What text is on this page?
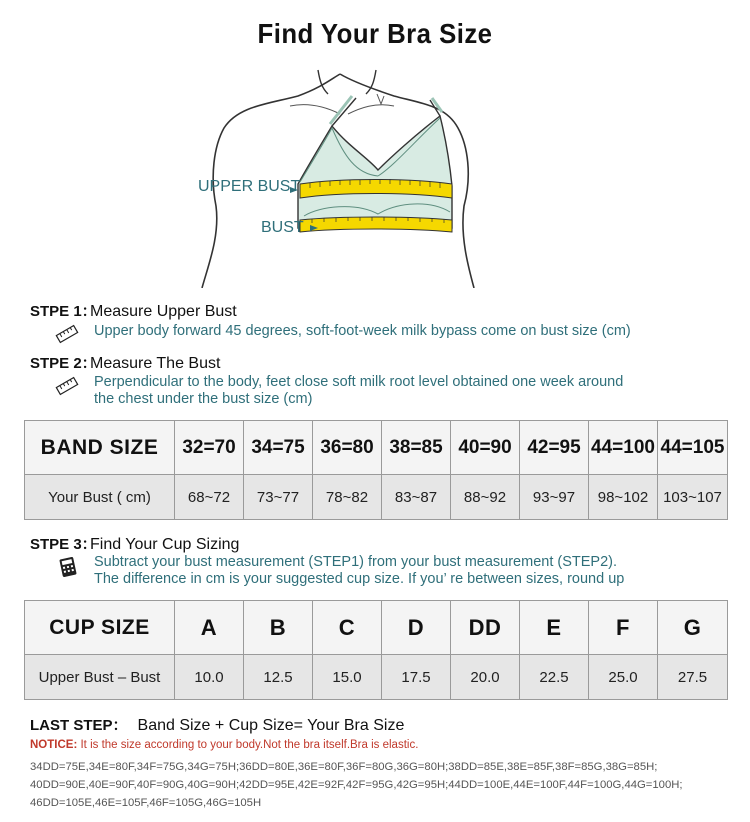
Find Your Bra Size
UPPER BUST
BUST
STPE 1：Measure Upper Bust
Upper body forward 45 degrees, soft-foot-week milk bypass come on bust size (cm)
STPE 2：Measure The Bust
Perpendicular to the body, feet close soft milk root level obtained one week around
the chest under the bust size (cm)
BAND SIZE	32=70	34=75	36=80	38=85	40=90	42=95	44=100	44=105
Your Bust ( cm)	68~72	73~77	78~82	83~87	88~92	93~97	98~102	103~107
STPE 3：Find Your Cup Sizing
Subtract your bust measurement (STEP1) from your bust measurement (STEP2).
The difference in cm is your suggested cup size. If you’ re between sizes, round up
CUP SIZE	A	B	C	D	DD	E	F	G
Upper Bust – Bust	10.0	12.5	15.0	17.5	20.0	22.5	25.0	27.5
LAST STEP： Band Size + Cup Size= Your Bra Size
NOTICE: It is the size according to your body.Not the bra itself.Bra is elastic.
34DD=75E,34E=80F,34F=75G,34G=75H;36DD=80E,36E=80F,36F=80G,36G=80H;38DD=85E,38E=85F,38F=85G,38G=85H;
40DD=90E,40E=90F,40F=90G,40G=90H;42DD=95E,42E=92F,42F=95G,42G=95H;44DD=100E,44E=100F,44F=100G,44G=100H;
46DD=105E,46E=105F,46F=105G,46G=105H
